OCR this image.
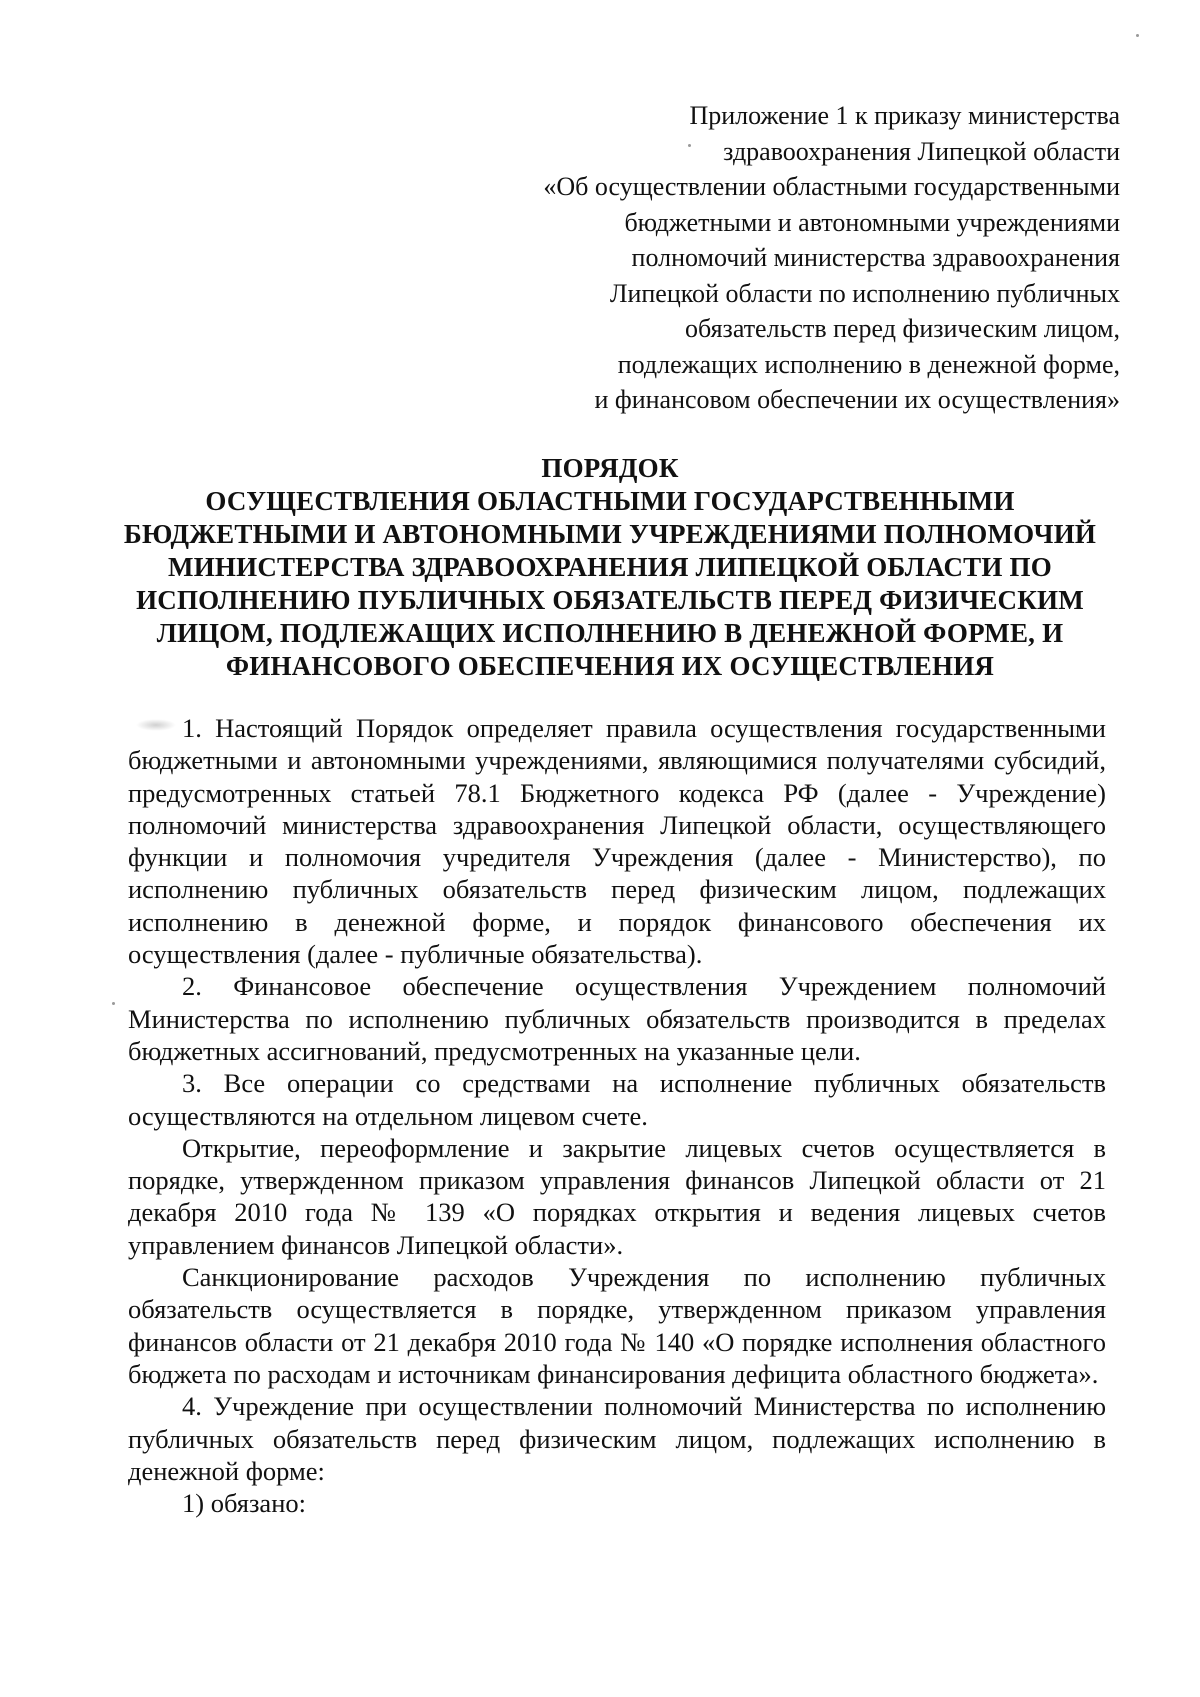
Приложение 1 к приказу министерства
здравоохранения Липецкой области
«Об осуществлении областными государственными
бюджетными и автономными учреждениями
полномочий министерства здравоохранения
Липецкой области по исполнению публичных
обязательств перед физическим лицом,
подлежащих исполнению в денежной форме,
и финансовом обеспечении их осуществления»
ПОРЯДОК
ОСУЩЕСТВЛЕНИЯ ОБЛАСТНЫМИ ГОСУДАРСТВЕННЫМИ
БЮДЖЕТНЫМИ И АВТОНОМНЫМИ УЧРЕЖДЕНИЯМИ ПОЛНОМОЧИЙ
МИНИСТЕРСТВА ЗДРАВООХРАНЕНИЯ ЛИПЕЦКОЙ ОБЛАСТИ ПО
ИСПОЛНЕНИЮ ПУБЛИЧНЫХ ОБЯЗАТЕЛЬСТВ ПЕРЕД ФИЗИЧЕСКИМ
ЛИЦОМ, ПОДЛЕЖАЩИХ ИСПОЛНЕНИЮ В ДЕНЕЖНОЙ ФОРМЕ, И
ФИНАНСОВОГО ОБЕСПЕЧЕНИЯ ИХ ОСУЩЕСТВЛЕНИЯ

1. Настоящий Порядок определяет правила осуществления государственными бюджетными и автономными учреждениями, являющимися получателями субсидий, предусмотренных статьей 78.1 Бюджетного кодекса РФ (далее - Учреждение) полномочий министерства здравоохранения Липецкой области, осуществляющего функции и полномочия учредителя Учреждения (далее - Министерство), по исполнению публичных обязательств перед физическим лицом, подлежащих исполнению в денежной форме, и порядок финансового обеспечения их осуществления (далее - публичные обязательства).

2. Финансовое обеспечение осуществления Учреждением полномочий Министерства по исполнению публичных обязательств производится в пределах бюджетных ассигнований, предусмотренных на указанные цели.

3. Все операции со средствами на исполнение публичных обязательств осуществляются на отдельном лицевом счете.

Открытие, переоформление и закрытие лицевых счетов осуществляется в порядке, утвержденном приказом управления финансов Липецкой области от 21 декабря 2010 года № 139 «О порядках открытия и ведения лицевых счетов управлением финансов Липецкой области».

Санкционирование расходов Учреждения по исполнению публичных обязательств осуществляется в порядке, утвержденном приказом управления финансов области от 21 декабря 2010 года № 140 «О порядке исполнения областного бюджета по расходам и источникам финансирования дефицита областного бюджета».

4. Учреждение при осуществлении полномочий Министерства по исполнению публичных обязательств перед физическим лицом, подлежащих исполнению в денежной форме:

1) обязано:
